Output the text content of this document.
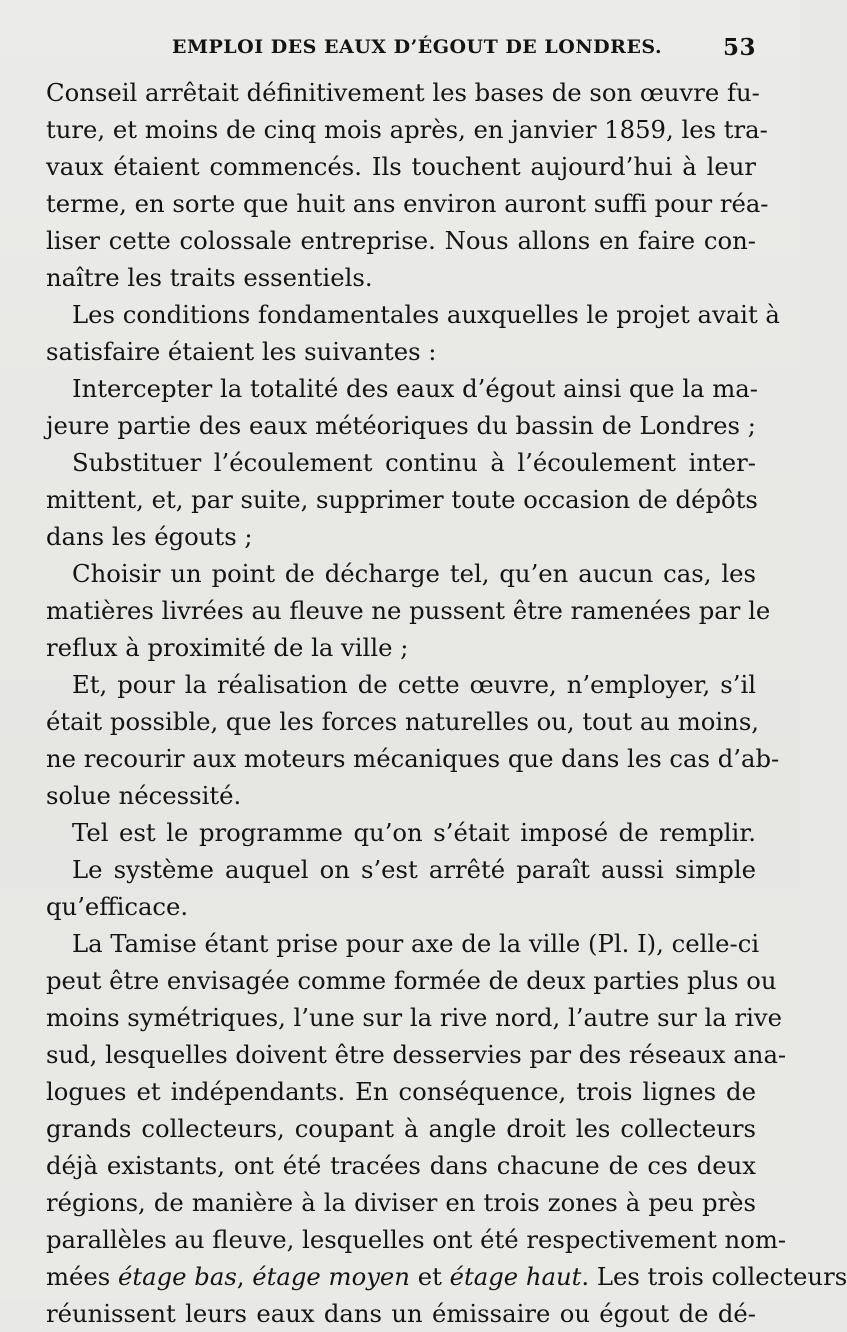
EMPLOI DES EAUX D’ÉGOUT DE LONDRES.	53
Conseil arrêtait définitivement les bases de son œuvre fu-
ture, et moins de cinq mois après, en janvier 1859, les tra-
vaux étaient commencés. Ils touchent aujourd’hui à leur
terme, en sorte que huit ans environ auront suffi pour réa-
liser cette colossale entreprise. Nous allons en faire con-
naître les traits essentiels.
Les conditions fondamentales auxquelles le projet avait à
satisfaire étaient les suivantes :
Intercepter la totalité des eaux d’égout ainsi que la ma-
jeure partie des eaux météoriques du bassin de Londres ;
Substituer l’écoulement continu à l’écoulement inter-
mittent, et, par suite, supprimer toute occasion de dépôts
dans les égouts ;
Choisir un point de décharge tel, qu’en aucun cas, les
matières livrées au fleuve ne pussent être ramenées par le
reflux à proximité de la ville ;
Et, pour la réalisation de cette œuvre, n’employer, s’il
était possible, que les forces naturelles ou, tout au moins,
ne recourir aux moteurs mécaniques que dans les cas d’ab-
solue nécessité.
Tel est le programme qu’on s’était imposé de remplir.
Le système auquel on s’est arrêté paraît aussi simple
qu’efficace.
La Tamise étant prise pour axe de la ville (Pl. I), celle-ci
peut être envisagée comme formée de deux parties plus ou
moins symétriques, l’une sur la rive nord, l’autre sur la rive
sud, lesquelles doivent être desservies par des réseaux ana-
logues et indépendants. En conséquence, trois lignes de
grands collecteurs, coupant à angle droit les collecteurs
déjà existants, ont été tracées dans chacune de ces deux
régions, de manière à la diviser en trois zones à peu près
parallèles au fleuve, lesquelles ont été respectivement nom-
mées étage bas, étage moyen et étage haut. Les trois collecteurs
réunissent leurs eaux dans un émissaire ou égout de dé-
